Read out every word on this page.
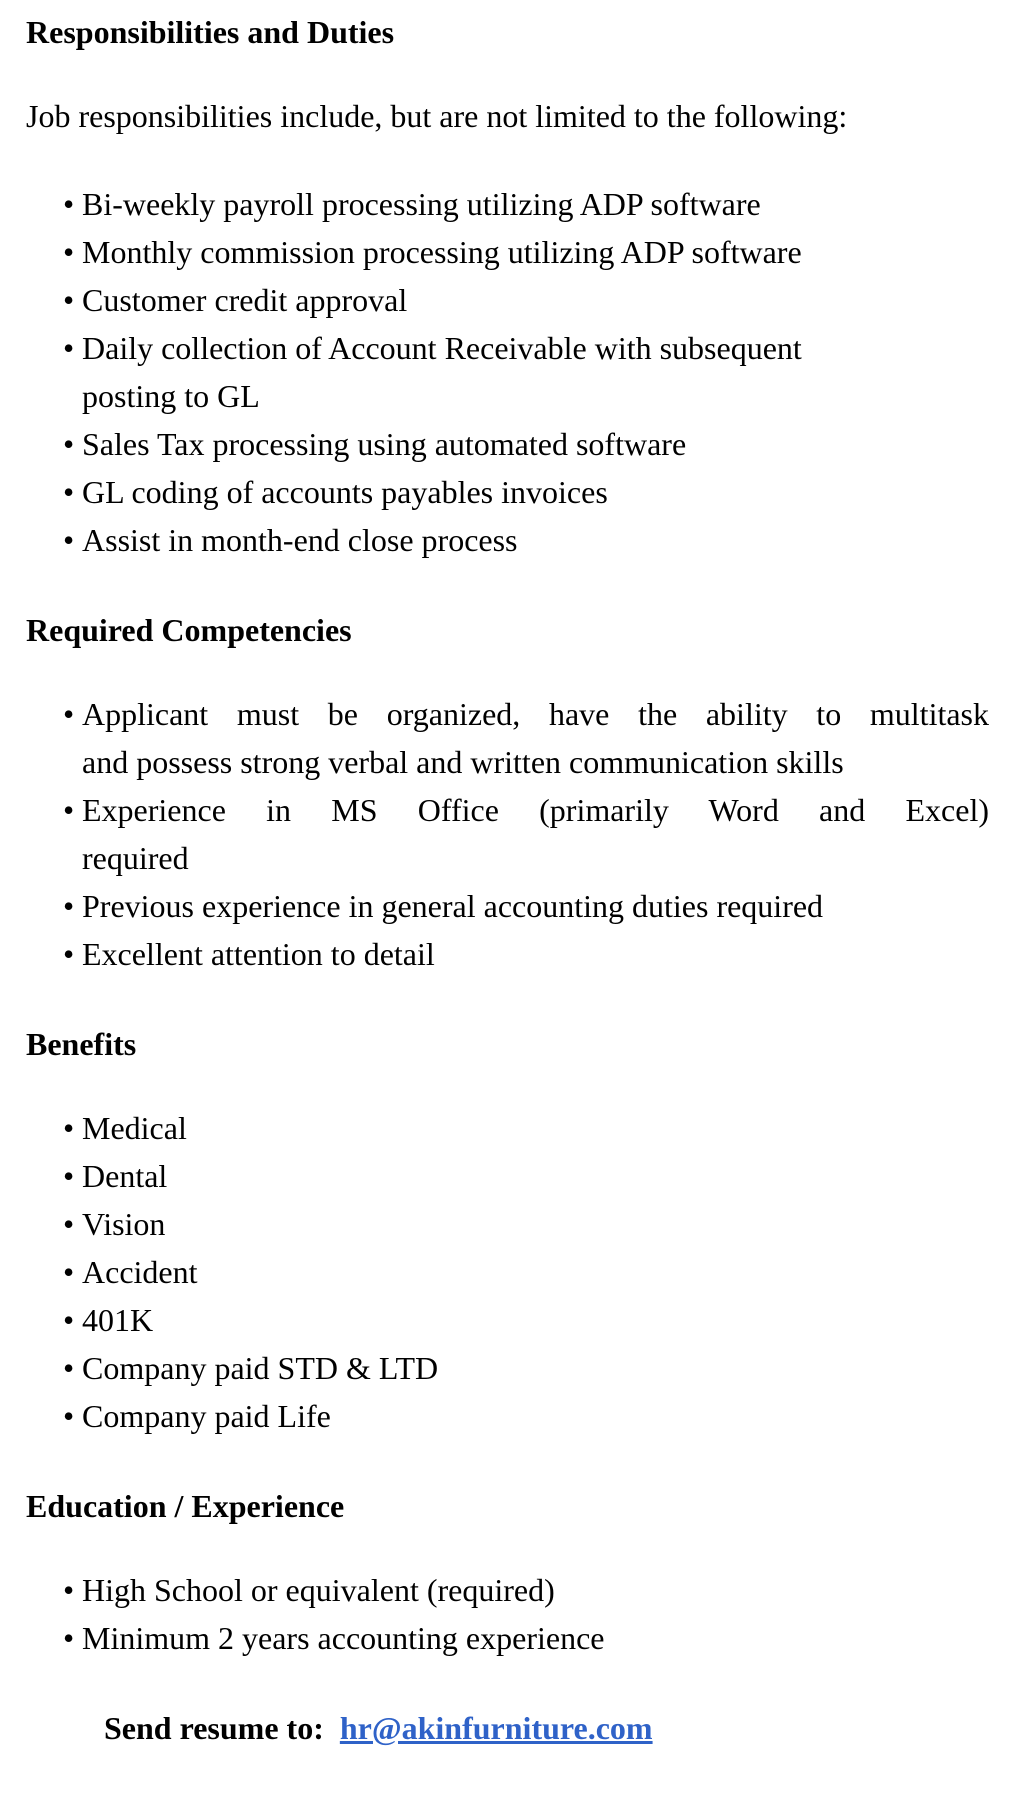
Responsibilities and Duties

Job responsibilities include, but are not limited to the following:

• Bi-weekly payroll processing utilizing ADP software
• Monthly commission processing utilizing ADP software
• Customer credit approval
• Daily collection of Account Receivable with subsequent
posting to GL
• Sales Tax processing using automated software
• GL coding of accounts payables invoices
• Assist in month-end close process
Required Competencies
• Applicant must be organized, have the ability to multitask
and possess strong verbal and written communication skills
• Experience in MS Office (primarily Word and Excel)
required
• Previous experience in general accounting duties required
• Excellent attention to detail
Benefits
• Medical
• Dental
• Vision
• Accident
• 401K
• Company paid STD & LTD
• Company paid Life
Education / Experience
• High School or equivalent (required)
• Minimum 2 years accounting experience

Send resume to: hr@akinfurniture.com
